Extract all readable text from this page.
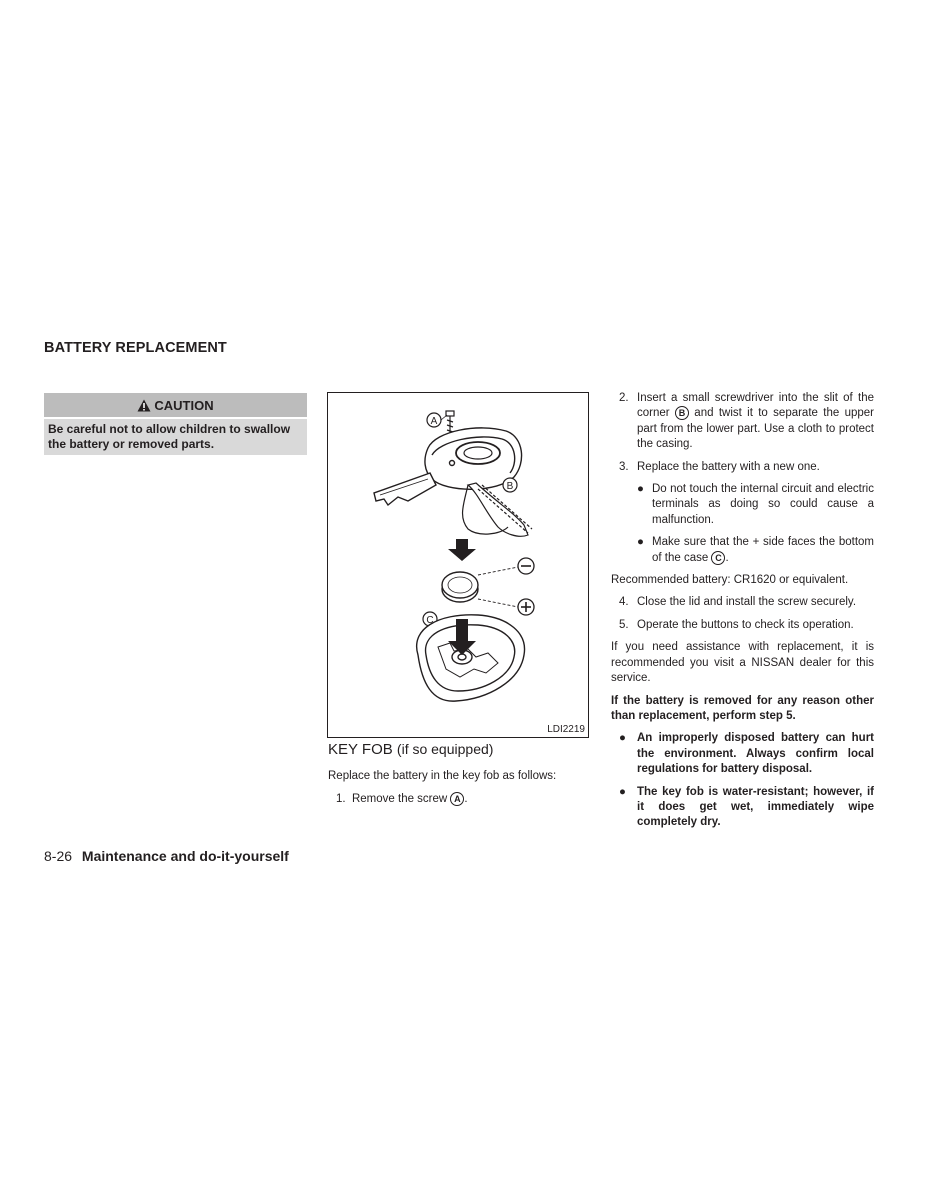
BATTERY REPLACEMENT
CAUTION
Be careful not to allow children to swallow the battery or removed parts.
A
B
C
LDI2219
KEY FOB (if so equipped)
Replace the battery in the key fob as follows:
1. Remove the screw A .
2. Insert a small screwdriver into the slit of the corner B and twist it to separate the upper part from the lower part. Use a cloth to protect the casing.
3. Replace the battery with a new one.
● Do not touch the internal circuit and electric terminals as doing so could cause a malfunction.
● Make sure that the + side faces the bottom of the case C .
Recommended battery: CR1620 or equivalent.
4. Close the lid and install the screw securely.
5. Operate the buttons to check its operation.
If you need assistance with replacement, it is recommended you visit a NISSAN dealer for this service.
If the battery is removed for any reason other than replacement, perform step 5.
● An improperly disposed battery can hurt the environment. Always confirm local regulations for battery disposal.
● The key fob is water-resistant; however, if it does get wet, immediately wipe completely dry.
8-26 Maintenance and do-it-yourself
